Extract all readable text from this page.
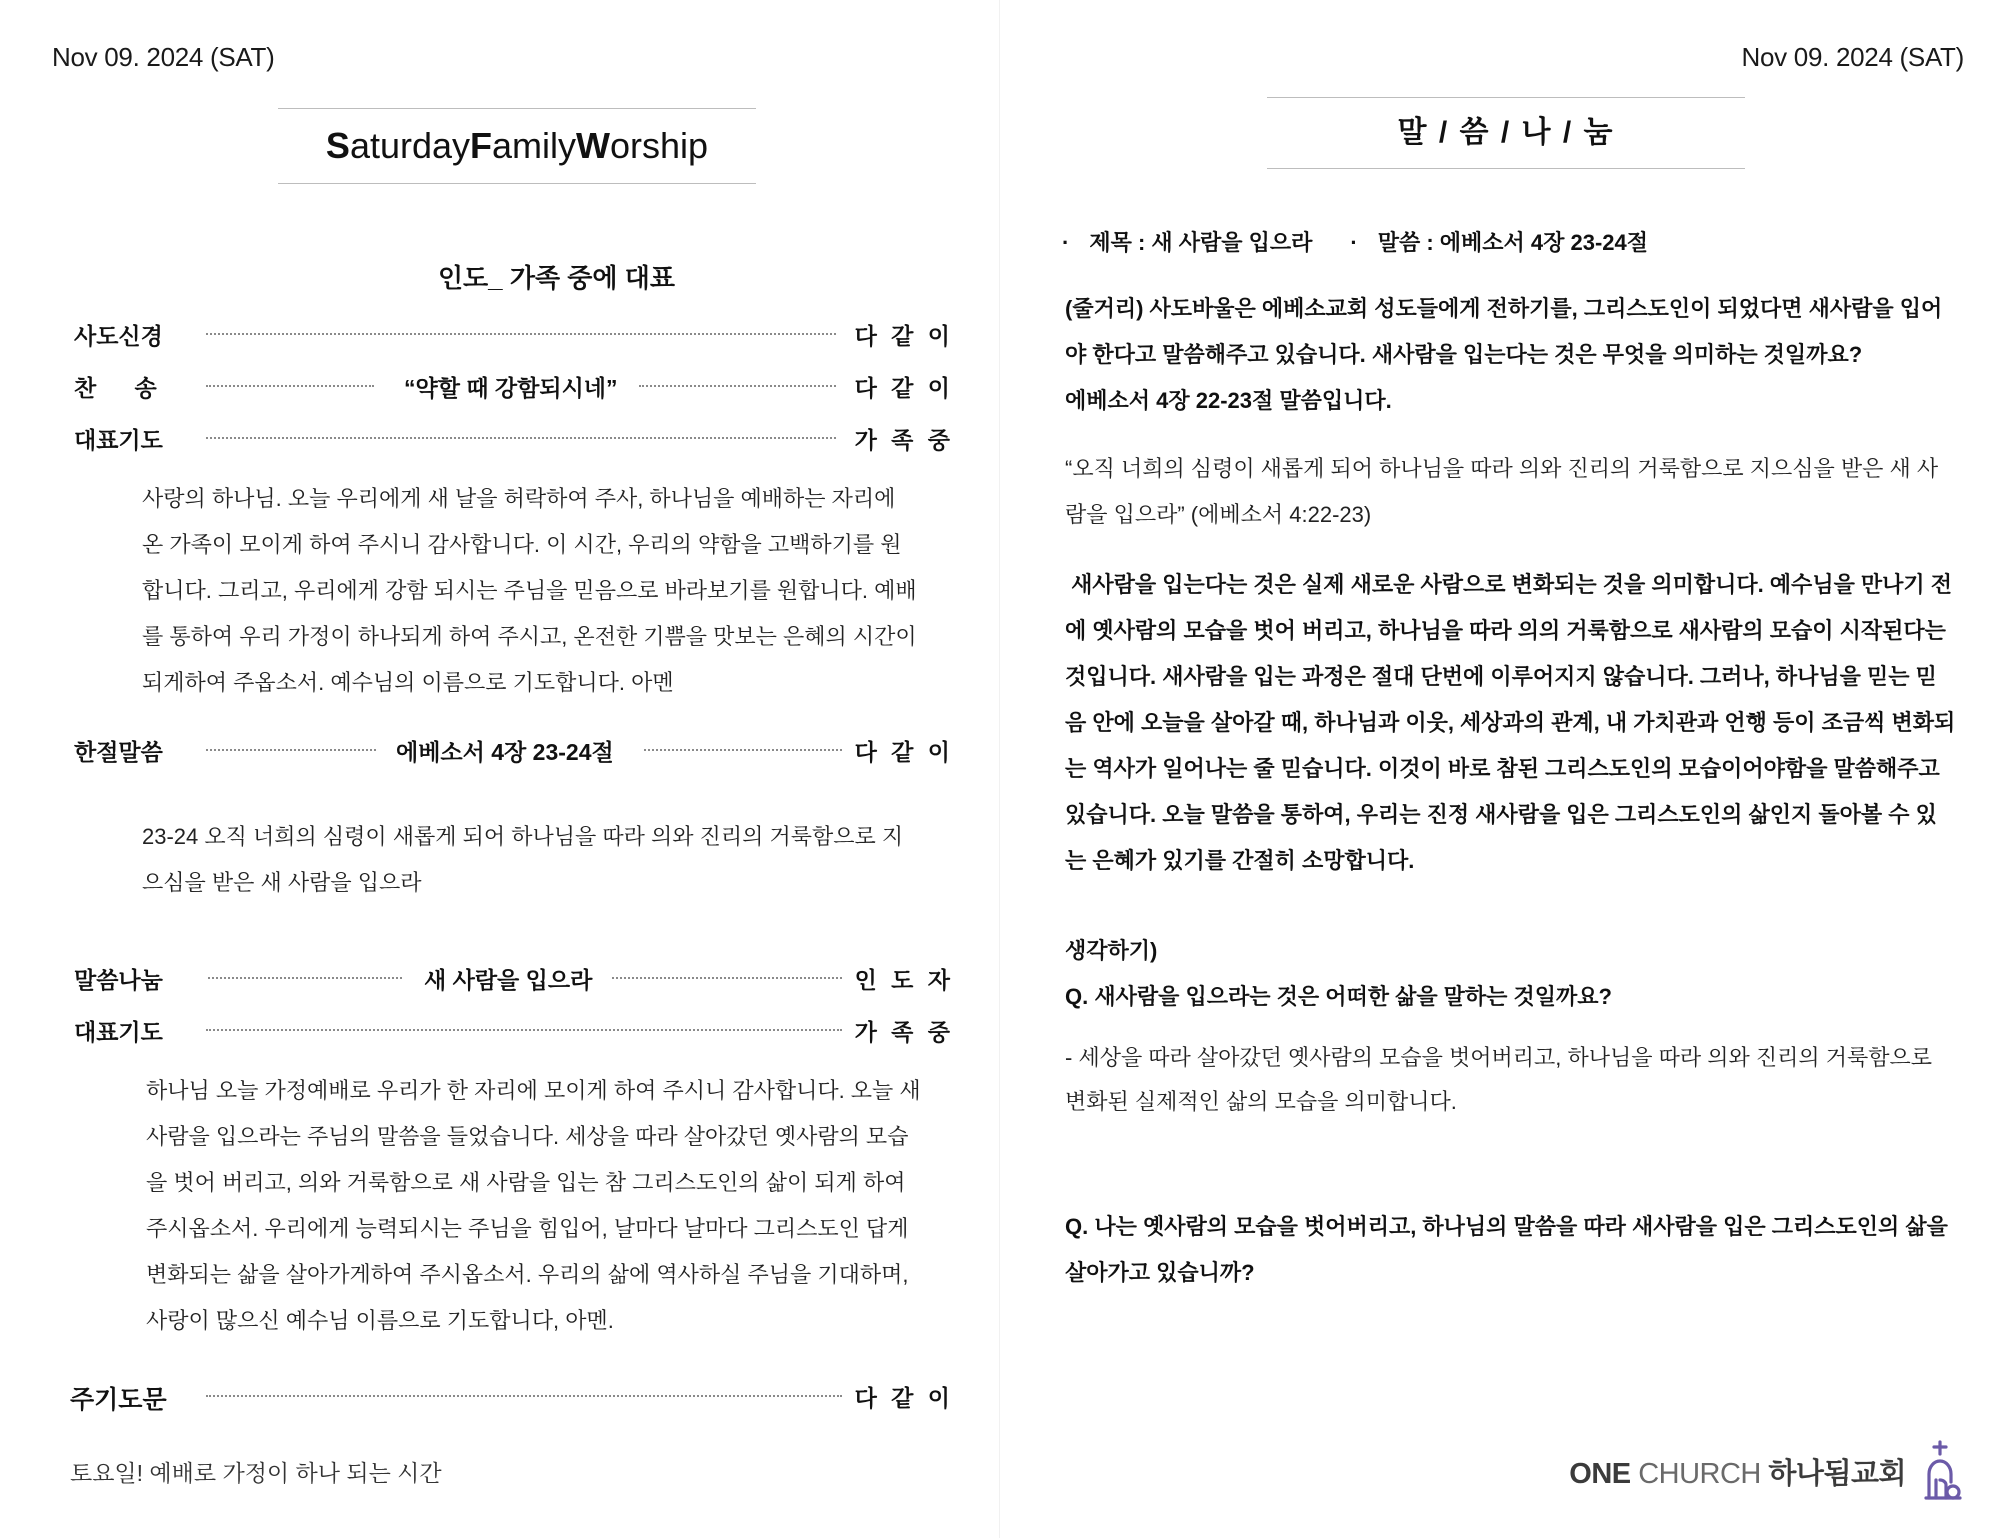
Nov 09. 2024 (SAT)
SaturdayFamilyWorship
인도_ 가족 중에 대표
사도신경	다 같 이
찬      송	“약할 때 강함되시네”	다 같 이
대표기도	가 족 중
사랑의 하나님. 오늘 우리에게 새 날을 허락하여 주사, 하나님을 예배하는 자리에 온 가족이 모이게 하여 주시니 감사합니다. 이 시간, 우리의 약함을 고백하기를 원합니다. 그리고, 우리에게 강함 되시는 주님을 믿음으로 바라보기를 원합니다. 예배를 통하여 우리 가정이 하나되게 하여 주시고, 온전한 기쁨을 맛보는 은혜의 시간이 되게하여 주옵소서. 예수님의 이름으로 기도합니다. 아멘
한절말씀	에베소서 4장 23-24절	다 같 이
23-24 오직 너희의 심령이 새롭게 되어 하나님을 따라 의와 진리의 거룩함으로 지으심을 받은 새 사람을 입으라
말씀나눔	새 사람을 입으라	인 도 자
대표기도	가 족 중
하나님 오늘 가정예배로 우리가 한 자리에 모이게 하여 주시니 감사합니다. 오늘 새 사람을 입으라는 주님의 말씀을 들었습니다. 세상을 따라 살아갔던 옛사람의 모습을 벗어 버리고, 의와 거룩함으로 새 사람을 입는 참 그리스도인의 삶이 되게 하여 주시옵소서. 우리에게 능력되시는 주님을 힘입어, 날마다 날마다 그리스도인 답게 변화되는 삶을 살아가게하여 주시옵소서. 우리의 삶에 역사하실 주님을 기대하며, 사랑이 많으신 예수님 이름으로 기도합니다, 아멘.
주기도문	다 같 이
토요일! 예배로 가정이 하나 되는 시간
Nov 09. 2024 (SAT)
말 / 씀 / 나 / 눔
· 제목 : 새 사람을 입으라 · 말씀 : 에베소서 4장 23-24절
(줄거리) 사도바울은 에베소교회 성도들에게 전하기를, 그리스도인이 되었다면 새사람을 입어야 한다고 말씀해주고 있습니다. 새사람을 입는다는 것은 무엇을 의미하는 것일까요?
에베소서 4장 22-23절 말씀입니다.
“오직 너희의 심령이 새롭게 되어 하나님을 따라 의와 진리의 거룩함으로 지으심을 받은 새 사람을 입으라” (에베소서 4:22-23)
새사람을 입는다는 것은 실제 새로운 사람으로 변화되는 것을 의미합니다. 예수님을 만나기 전에 옛사람의 모습을 벗어 버리고, 하나님을 따라 의의 거룩함으로 새사람의 모습이 시작된다는 것입니다. 새사람을 입는 과정은 절대 단번에 이루어지지 않습니다. 그러나, 하나님을 믿는 믿음 안에 오늘을 살아갈 때, 하나님과 이웃, 세상과의 관계, 내 가치관과 언행 등이 조금씩 변화되는 역사가 일어나는 줄 믿습니다. 이것이 바로 참된 그리스도인의 모습이어야함을 말씀해주고 있습니다. 오늘 말씀을 통하여, 우리는 진정 새사람을 입은 그리스도인의 삶인지 돌아볼 수 있는 은혜가 있기를 간절히 소망합니다.
생각하기)
Q. 새사람을 입으라는 것은 어떠한 삶을 말하는 것일까요?
- 세상을 따라 살아갔던 옛사람의 모습을 벗어버리고, 하나님을 따라 의와 진리의 거룩함으로 변화된 실제적인 삶의 모습을 의미합니다.
Q. 나는 옛사람의 모습을 벗어버리고, 하나님의 말씀을 따라 새사람을 입은 그리스도인의 삶을 살아가고 있습니까?
ONE CHURCH 하나됨교회
